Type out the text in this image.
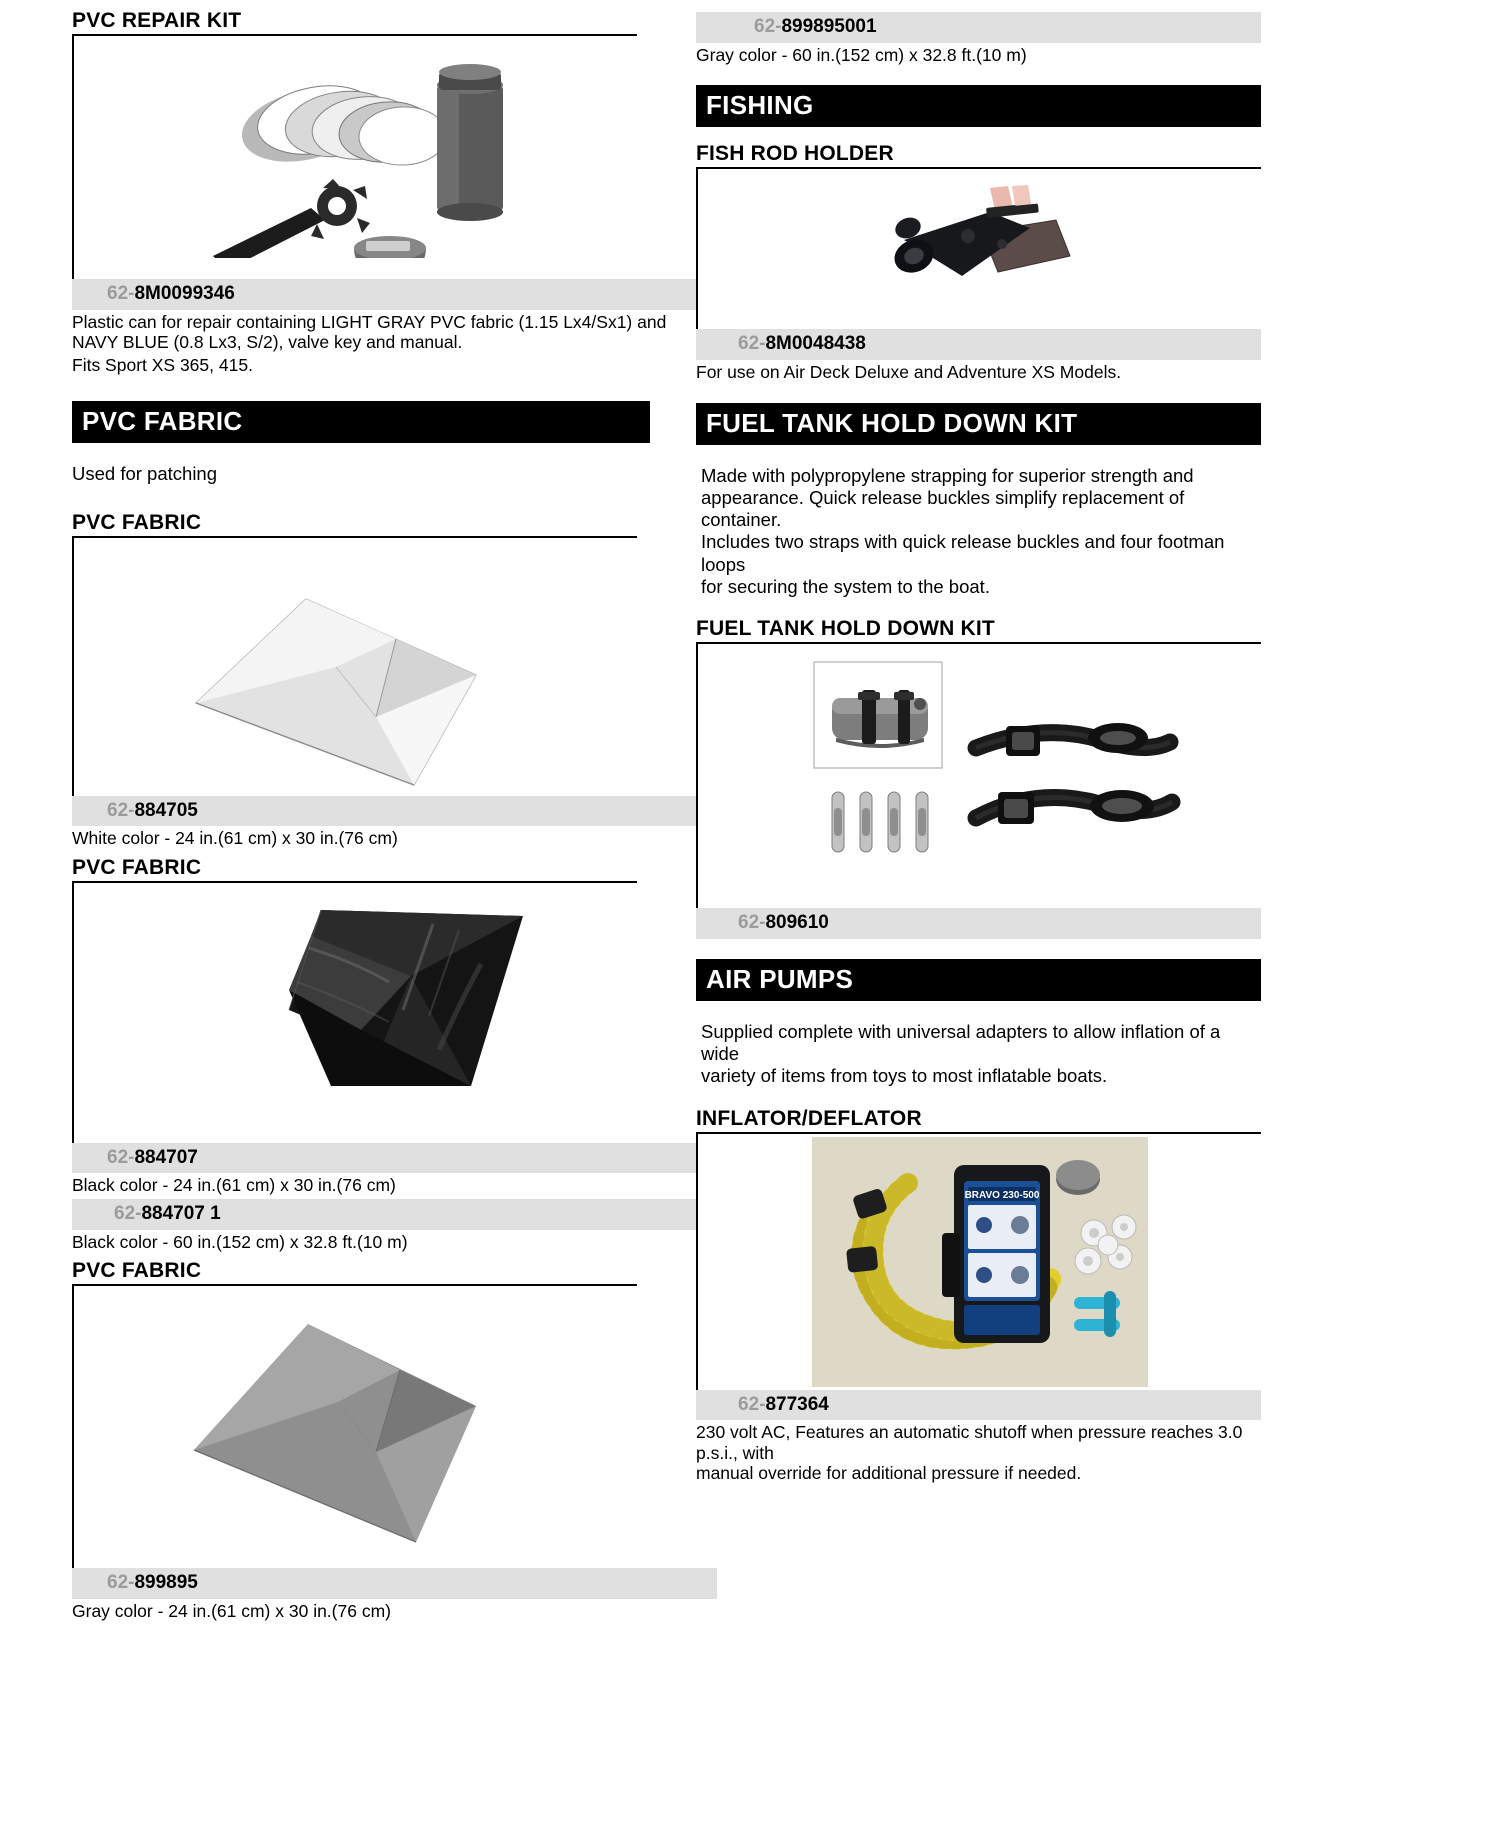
PVC REPAIR KIT
62-8M0099346
Plastic can for repair containing LIGHT GRAY PVC fabric (1.15 Lx4/Sx1) and
NAVY BLUE (0.8 Lx3, S/2), valve key and manual.
Fits Sport XS 365, 415.
PVC FABRIC
Used for patching
PVC FABRIC
62-884705
White color - 24 in.(61 cm) x 30 in.(76 cm)
PVC FABRIC
62-884707
Black color - 24 in.(61 cm) x 30 in.(76 cm)
62-884707 1
Black color - 60 in.(152 cm) x 32.8 ft.(10 m)
PVC FABRIC
62-899895
Gray color - 24 in.(61 cm) x 30 in.(76 cm)
62-899895001
Gray color - 60 in.(152 cm) x 32.8 ft.(10 m)
FISHING
FISH ROD HOLDER
62-8M0048438
For use on Air Deck Deluxe and Adventure XS Models.
FUEL TANK HOLD DOWN KIT
Made with polypropylene strapping for superior strength and
appearance. Quick release buckles simplify replacement of container.
Includes two straps with quick release buckles and four footman loops
for securing the system to the boat.
FUEL TANK HOLD DOWN KIT
62-809610
AIR PUMPS
Supplied complete with universal adapters to allow inflation of a wide
variety of items from toys to most inflatable boats.
INFLATOR/DEFLATOR
BRAVO 230-500
62-877364
230 volt AC, Features an automatic shutoff when pressure reaches 3.0 p.s.i., with
manual override for additional pressure if needed.
